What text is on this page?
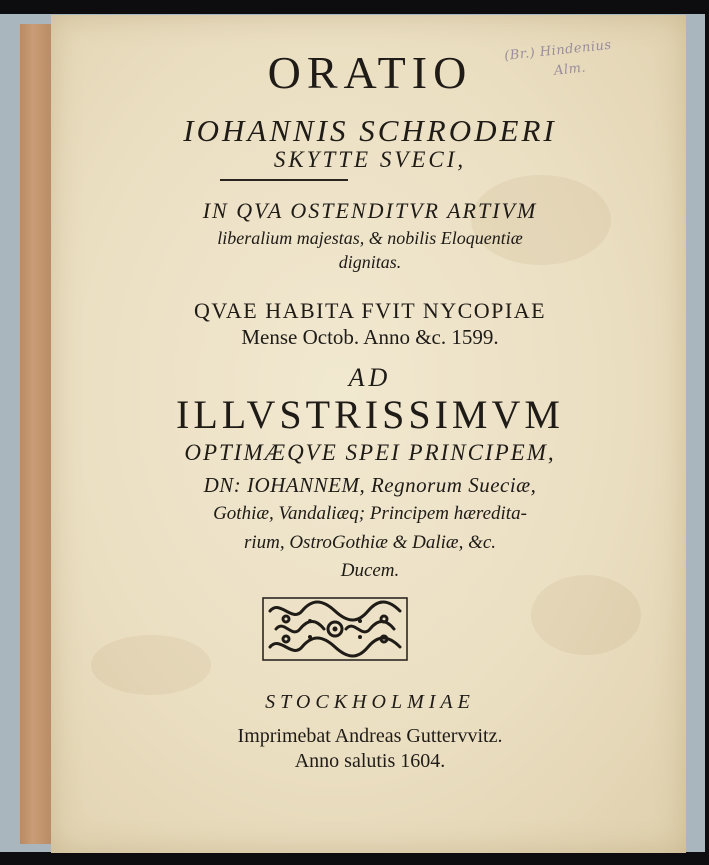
(Br.) Hindenius
Alm.
ORATIO
IOHANNIS SCHRODERI
SKYTTE SVECI,
IN QVA OSTENDITVR ARTIVM
liberalium majestas, & nobilis Eloquentiæ
dignitas.
QVAE HABITA FVIT NYCOPIAE
Mense Octob. Anno &c. 1599.
AD
ILLVSTRISSIMVM
OPTIMÆQVE SPEI PRINCIPEM,
DN: IOHANNEM, Regnorum Sueciæ,
Gothiæ, Vandaliæq; Principem hæredita-
rium, OstroGothiæ & Daliæ, &c.
Ducem.
STOCKHOLMIAE
Imprimebat Andreas Guttervvitz.
Anno salutis 1604.
